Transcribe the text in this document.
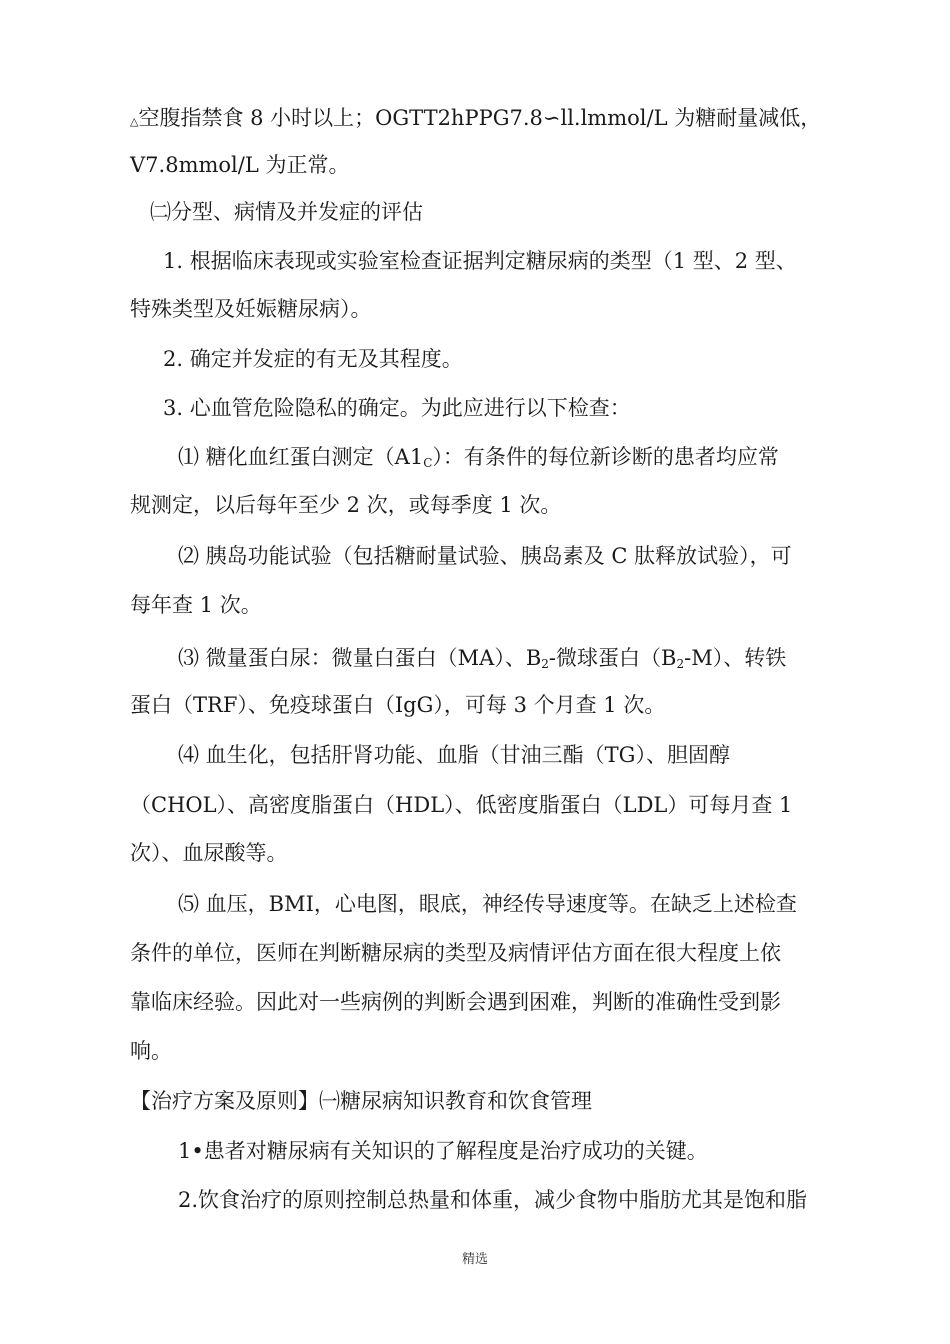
△空腹指禁食 8 小时以上；OGTT2hPPG7.8∽ll.lmmol/L 为糖耐量减低，
V7.8mmol/L 为正常。
㈡分型、病情及并发症的评估
1. 根据临床表现或实验室检查证据判定糖尿病的类型（1 型、2 型、
特殊类型及妊娠糖尿病）。
2. 确定并发症的有无及其程度。
3. 心血管危险隐私的确定。为此应进行以下检查：
⑴ 糖化血红蛋白测定$(A1_C)$：有条件的每位新诊断的患者均应常
规测定，以后每年至少 2 次，或每季度 1 次。
⑵ 胰岛功能试验（包括糖耐量试验、胰岛素及 C 肽释放试验），可
每年查 1 次。
⑶ 微量蛋白尿：微量白蛋白（MA）、$B_2-$微球蛋白$(B_2-M)$、转铁
蛋白（TRF）、免疫球蛋白（IgG），可每 3 个月查 1 次。
⑷ 血生化，包括肝肾功能、血脂（甘油三酯（TG）、胆固醇
（CHOL）、高密度脂蛋白（HDL）、低密度脂蛋白（LDL）可每月查 1
次）、血尿酸等。
⑸ 血压，BMI，心电图，眼底，神经传导速度等。在缺乏上述检查
条件的单位，医师在判断糖尿病的类型及病情评估方面在很大程度上依
靠临床经验。因此对一些病例的判断会遇到困难，判断的准确性受到影
响。
【治疗方案及原则】㈠糖尿病知识教育和饮食管理
1•患者对糖尿病有关知识的了解程度是治疗成功的关键。
2.饮食治疗的原则控制总热量和体重，减少食物中脂肪尤其是饱和脂
精选
